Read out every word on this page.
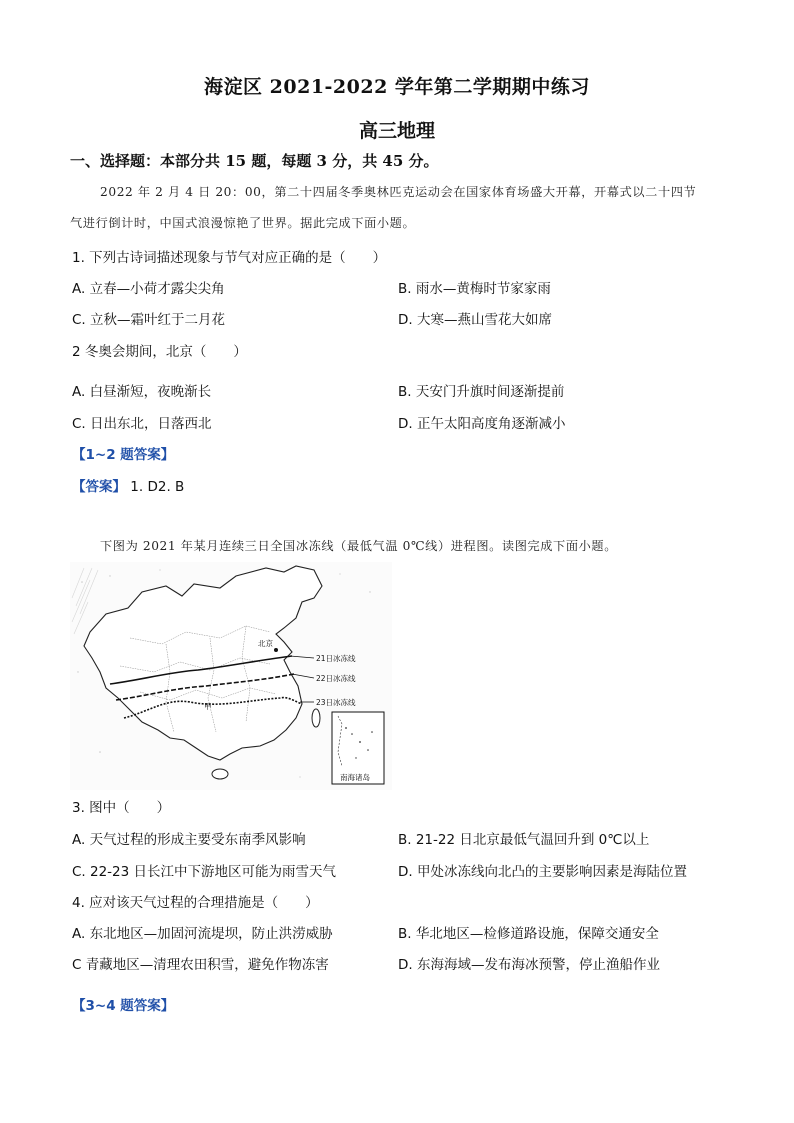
海淀区 2021-2022 学年第二学期期中练习
高三地理
一、选择题：本部分共 15 题，每题 3 分，共 45 分。
2022 年 2 月 4 日 20：00，第二十四届冬季奥林匹克运动会在国家体育场盛大开幕，开幕式以二十四节
气进行倒计时，中国式浪漫惊艳了世界。据此完成下面小题。
1. 下列古诗词描述现象与节气对应正确的是（　　）
A. 立春—小荷才露尖尖角	B. 雨水—黄梅时节家家雨
C. 立秋—霜叶红于二月花	D. 大寒—燕山雪花大如席
2 冬奥会期间，北京（　　）
A. 白昼渐短，夜晚渐长	B. 天安门升旗时间逐渐提前
C. 日出东北，日落西北	D. 正午太阳高度角逐渐减小
【1~2 题答案】
【答案】 1. D2. B
下图为 2021 年某月连续三日全国冰冻线（最低气温 0℃线）进程图。读图完成下面小题。
北京
甲
21日冰冻线
22日冰冻线
23日冰冻线
南海诸岛
3. 图中（　　）
A. 天气过程的形成主要受东南季风影响	B. 21-22 日北京最低气温回升到 0℃以上
C. 22-23 日长江中下游地区可能为雨雪天气	D. 甲处冰冻线向北凸的主要影响因素是海陆位置
4. 应对该天气过程的合理措施是（　　）
A. 东北地区—加固河流堤坝，防止洪涝威胁	B. 华北地区—检修道路设施，保障交通安全
C 青藏地区—清理农田积雪，避免作物冻害	D. 东海海域—发布海冰预警，停止渔船作业
【3~4 题答案】
